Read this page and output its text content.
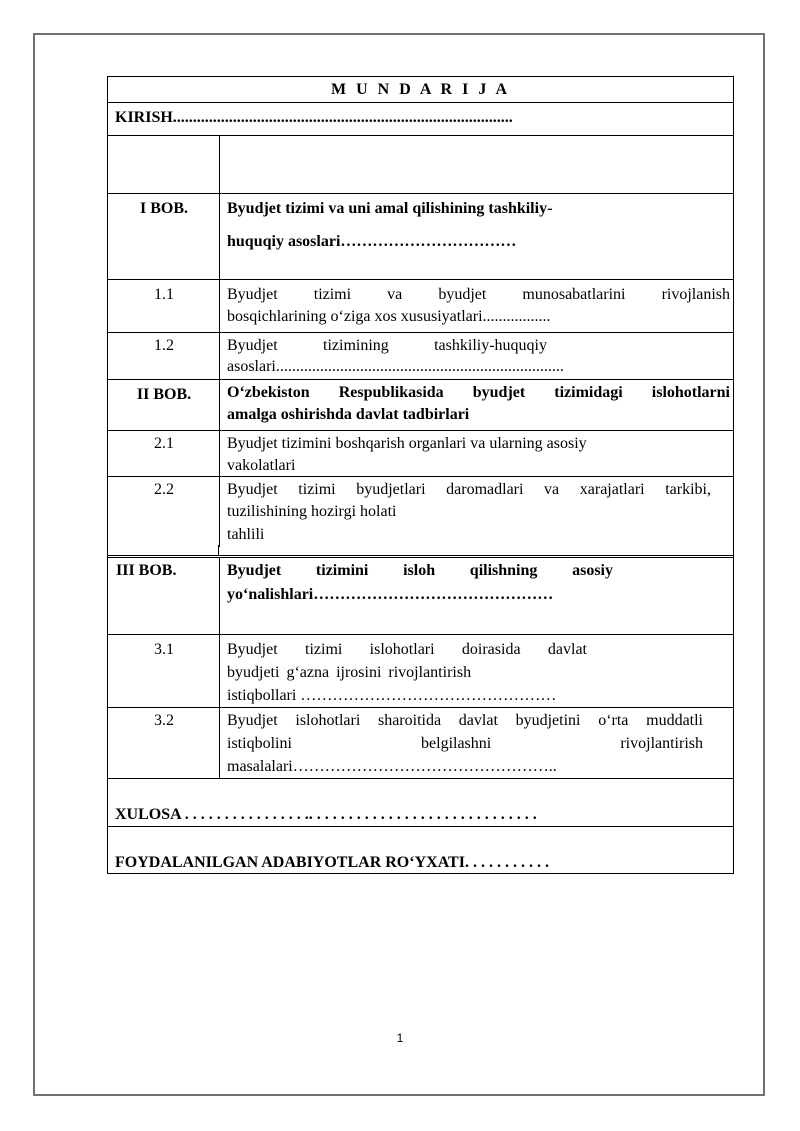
M U N D A R I J A
KIRISH.....................................................................................
I BOB.	Byudjet tizimi va uni amal qilishining tashkiliy-
huquqiy asoslari……………………………
1.1	Byudjet tizimi va byudjet munosabatlarini rivojlanish
bosqichlarining o‘ziga xos xususiyatlari.................
1.2	Byudjet tizimining tashkiliy-huquqiy
asoslari........................................................................
II BOB.	O‘zbekiston Respublikasida byudjet tizimidagi islohotlarni
amalga oshirishda davlat tadbirlari
2.1	Byudjet tizimini boshqarish organlari va ularning asosiy
vakolatlari
2.2	Byudjet tizimi byudjetlari daromadlari va xarajatlari tarkibi,
tuzilishining hozirgi holati
tahlili
III BOB.	Byudjet tizimini isloh qilishning asosiy
yo‘nalishlari………………………………………
3.1	Byudjet tizimi islohotlari doirasida davlat
byudjeti g‘azna ijrosini rivojlantirish
istiqbollari …………………………………………
3.2	Byudjet islohotlari sharoitida davlat byudjetini o‘rta muddatli
istiqbolini belgilashni rivojlantirish
masalalari…………………………………………..
XULOSA . . . . . . . . . . . . . . . .. . . . . . . . . . . . . . . . . . . . . . . . . . . . .
FOYDALANILGAN ADABIYOTLAR RO‘YXATI. . . . . . . . . . .
1
